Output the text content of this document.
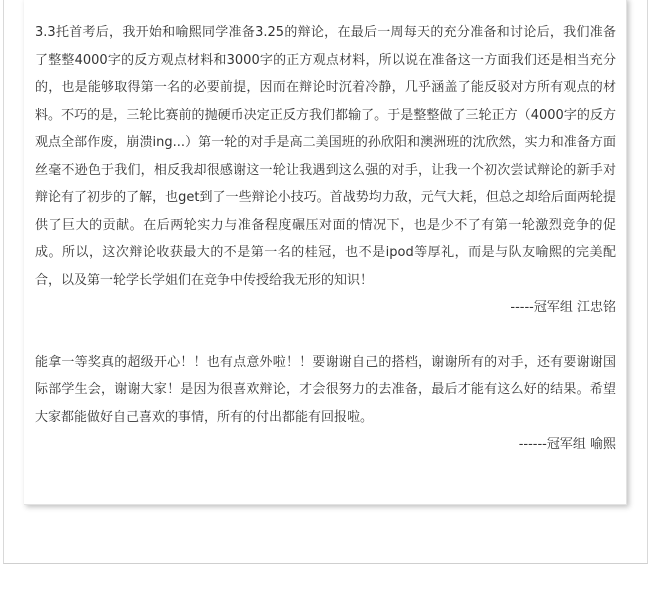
3.3托首考后，我开始和喻熙同学准备3.25的辩论，在最后一周每天的充分准备和讨论后，我们准备了整整4000字的反方观点材料和3000字的正方观点材料，所以说在准备这一方面我们还是相当充分的，也是能够取得第一名的必要前提，因而在辩论时沉着冷静，几乎涵盖了能反驳对方所有观点的材料。不巧的是，三轮比赛前的抛硬币决定正反方我们都输了。于是整整做了三轮正方（4000字的反方观点全部作废，崩溃ing...）第一轮的对手是高二美国班的孙欣阳和澳洲班的沈欣然，实力和准备方面丝毫不逊色于我们，相反我却很感谢这一轮让我遇到这么强的对手，让我一个初次尝试辩论的新手对辩论有了初步的了解，也get到了一些辩论小技巧。首战势均力敌，元气大耗，但总之却给后面两轮提供了巨大的贡献。在后两轮实力与准备程度碾压对面的情况下，也是少不了有第一轮激烈竞争的促成。所以，这次辩论收获最大的不是第一名的桂冠，也不是ipod等厚礼，而是与队友喻熙的完美配合，以及第一轮学长学姐们在竞争中传授给我无形的知识！

-----冠军组 江忠铭

能拿一等奖真的超级开心！！也有点意外啦！！要谢谢自己的搭档，谢谢所有的对手，还有要谢谢国际部学生会，谢谢大家！是因为很喜欢辩论，才会很努力的去准备，最后才能有这么好的结果。希望大家都能做好自己喜欢的事情，所有的付出都能有回报啦。

------冠军组 喻熙
